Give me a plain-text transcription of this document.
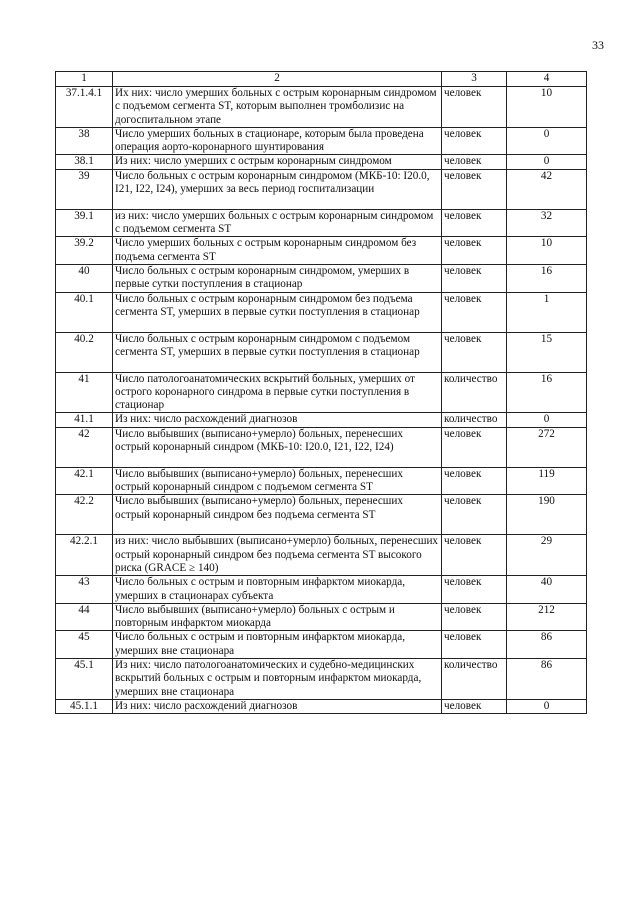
33
1	2	3	4
37.1.4.1	Их них: число умерших больных с острым коронарным синдромом с подъемом сегмента ST, которым выполнен тромболизис на догоспитальном этапе	человек	10
38	Число умерших больных в стационаре, которым была проведена операция аорто-коронарного шунтирования	человек	0
38.1	Из них: число умерших с острым коронарным синдромом	человек	0
39	Число больных с острым коронарным синдромом (МКБ-10: I20.0, I21, I22, I24), умерших за весь период госпитализации	человек	42
39.1	из них: число умерших больных с острым коронарным синдромом с подъемом сегмента ST	человек	32
39.2	Число умерших больных с острым коронарным синдромом без подъема сегмента ST	человек	10
40	Число больных с острым коронарным синдромом, умерших в первые сутки поступления в стационар	человек	16
40.1	Число больных с острым коронарным синдромом без подъема сегмента ST, умерших в первые сутки поступления в стационар	человек	1
40.2	Число больных с острым коронарным синдромом с подъемом сегмента ST, умерших в первые сутки поступления в стационар	человек	15
41	Число патологоанатомических вскрытий больных, умерших от острого коронарного синдрома в первые сутки поступления в стационар	количество	16
41.1	Из них: число расхождений диагнозов	количество	0
42	Число выбывших (выписано+умерло) больных, перенесших острый коронарный синдром (МКБ-10: I20.0, I21, I22, I24)	человек	272
42.1	Число выбывших (выписано+умерло) больных, перенесших острый коронарный синдром с подъемом сегмента ST	человек	119
42.2	Число выбывших (выписано+умерло) больных, перенесших острый коронарный синдром без подъема сегмента ST	человек	190
42.2.1	из них: число выбывших (выписано+умерло) больных, перенесших острый коронарный синдром без подъема сегмента ST высокого риска (GRACE ≥ 140)	человек	29
43	Число больных с острым и повторным инфарктом миокарда, умерших в стационарах субъекта	человек	40
44	Число выбывших (выписано+умерло) больных с острым и повторным инфарктом миокарда	человек	212
45	Число больных с острым и повторным инфарктом миокарда, умерших вне стационара	человек	86
45.1	Из них: число патологоанатомических и судебно-медицинских вскрытий больных с острым и повторным инфарктом миокарда, умерших вне стационара	количество	86
45.1.1	Из них: число расхождений диагнозов	человек	0
